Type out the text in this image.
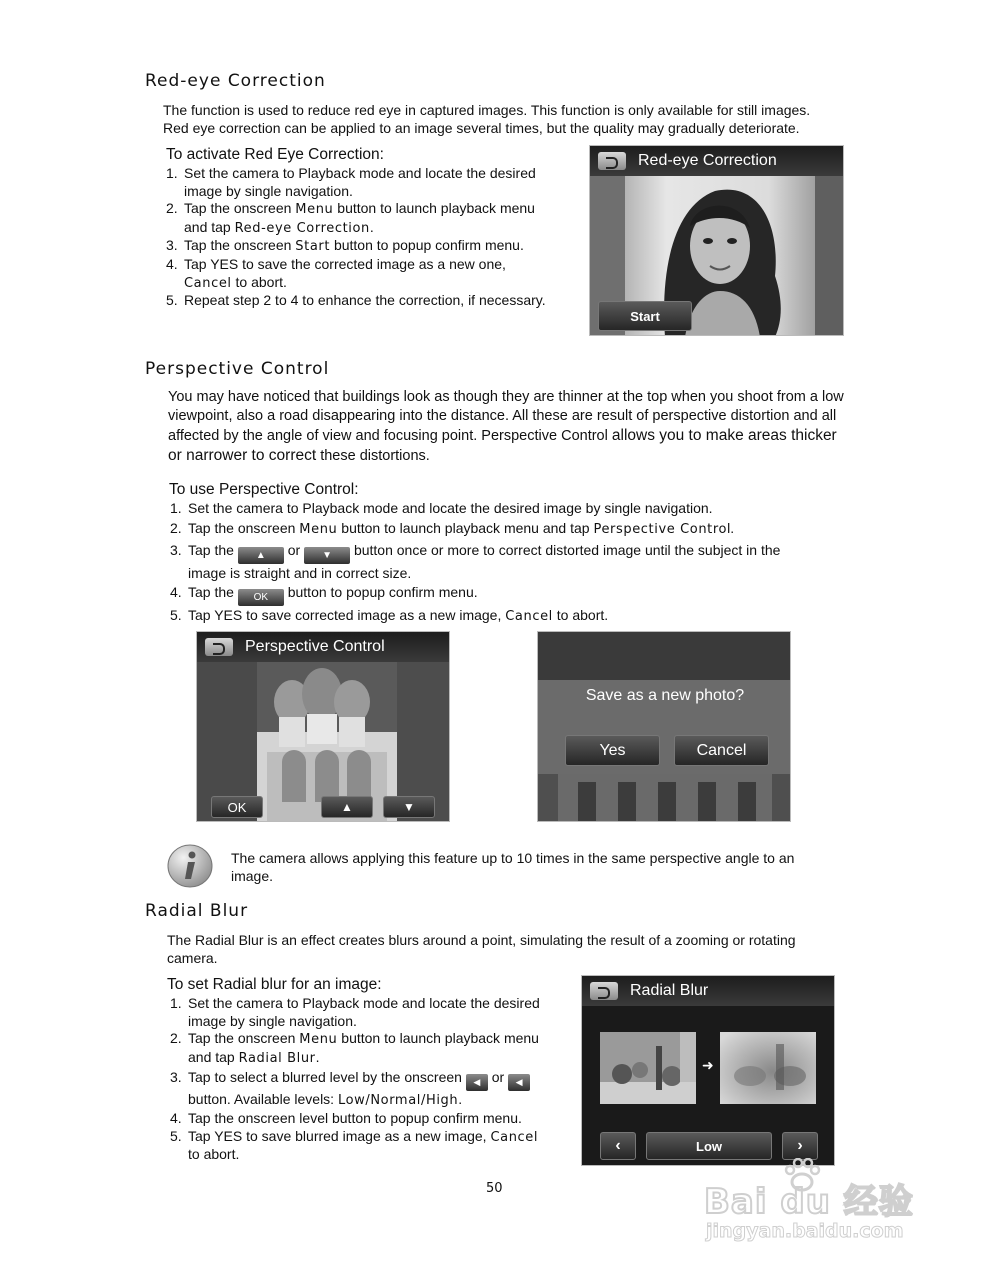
Red-eye Correction
The function is used to reduce red eye in captured images. This function is only available for still images.
Red eye correction can be applied to an image several times, but the quality may gradually deteriorate.
To activate Red Eye Correction:
1. Set the camera to Playback mode and locate the desired
image by single navigation.
2. Tap the onscreen Menu button to launch playback menu
and tap Red-eye Correction.
3. Tap the onscreen Start button to popup confirm menu.
4. Tap YES to save the corrected image as a new one,
Cancel to abort.
5. Repeat step 2 to 4 to enhance the correction, if necessary.
Red-eye Correction
Start
Perspective Control
You may have noticed that buildings look as though they are thinner at the top when you shoot from a low
viewpoint, also a road disappearing into the distance. All these are result of perspective distortion and all
affected by the angle of view and focusing point. Perspective Control allows you to make areas thicker
or narrower to correct these distortions.
To use Perspective Control:
1. Set the camera to Playback mode and locate the desired image by single navigation.
2. Tap the onscreen Menu button to launch playback menu and tap Perspective Control.
3. Tap the ▲ or ▼ button once or more to correct distorted image until the subject in the
image is straight and in correct size.
4. Tap the OK button to popup confirm menu.
5. Tap YES to save corrected image as a new image, Cancel to abort.
Perspective Control
OK	▲	▼
Save as a new photo?
Yes	Cancel
The camera allows applying this feature up to 10 times in the same perspective angle to an
image.
Radial Blur
The Radial Blur is an effect creates blurs around a point, simulating the result of a zooming or rotating
camera.
To set Radial blur for an image:
1. Set the camera to Playback mode and locate the desired
image by single navigation.
2. Tap the onscreen Menu button to launch playback menu
and tap Radial Blur.
3. Tap to select a blurred level by the onscreen ◀ or ◀
button. Available levels: Low/Normal/High.
4. Tap the onscreen level button to popup confirm menu.
5. Tap YES to save blurred image as a new image, Cancel
to abort.
Radial Blur
➜
‹	Low	›
50	Bai du 经验
jingyan.baidu.com
